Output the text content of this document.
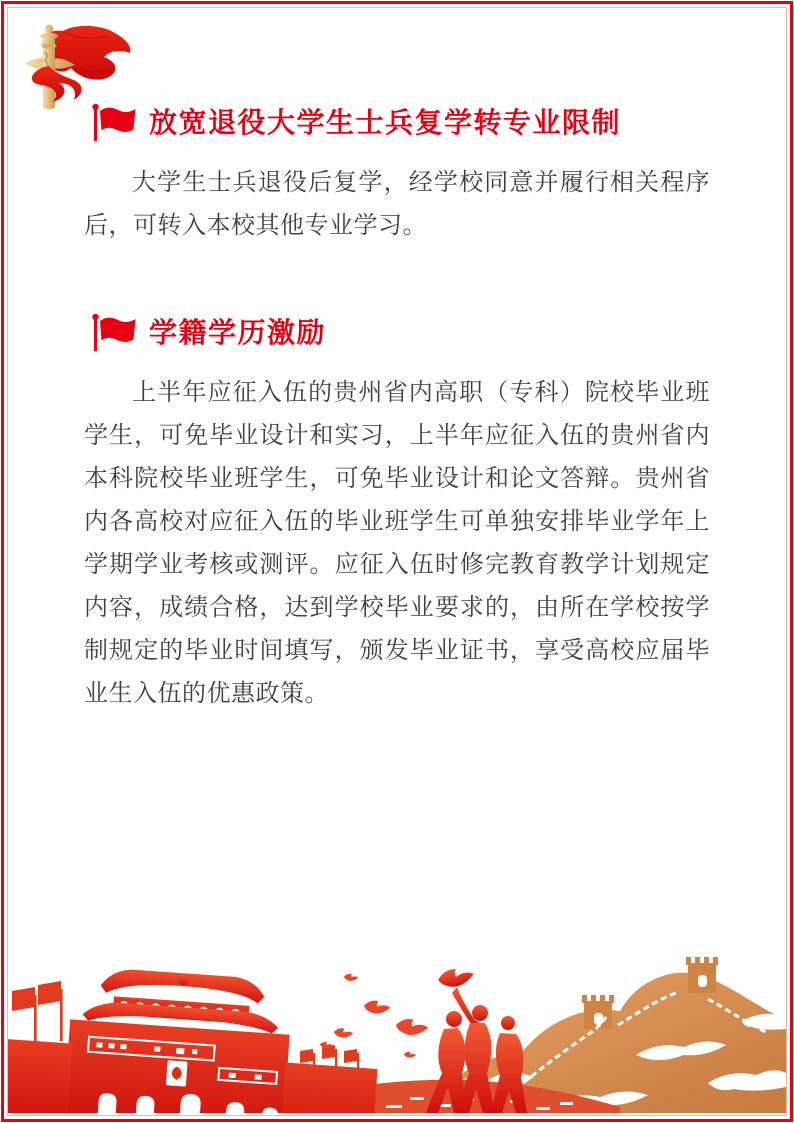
放宽退役大学生士兵复学转专业限制

大学生士兵退役后复学，经学校同意并履行相关程序后，可转入本校其他专业学习。

学籍学历激励

上半年应征入伍的贵州省内高职（专科）院校毕业班学生，可免毕业设计和实习，上半年应征入伍的贵州省内本科院校毕业班学生，可免毕业设计和论文答辩。贵州省内各高校对应征入伍的毕业班学生可单独安排毕业学年上学期学业考核或测评。应征入伍时修完教育教学计划规定内容，成绩合格，达到学校毕业要求的，由所在学校按学制规定的毕业时间填写，颁发毕业证书，享受高校应届毕业生入伍的优惠政策。
